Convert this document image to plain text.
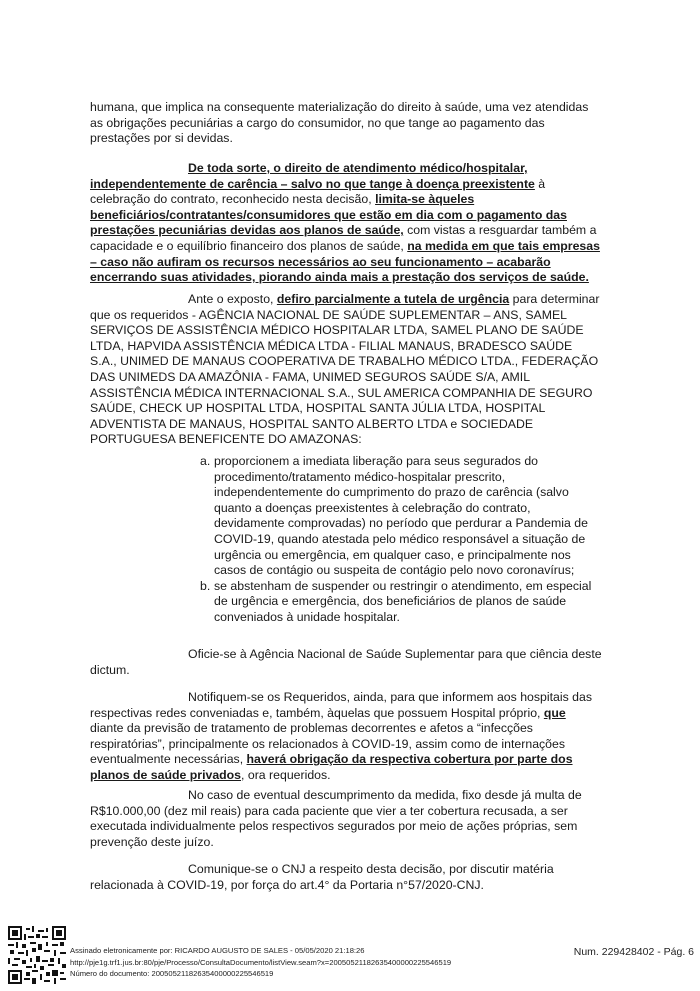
humana, que implica na consequente materialização do direito à saúde, uma vez atendidas as obrigações pecuniárias a cargo do consumidor, no que tange ao pagamento das prestações por si devidas.

De toda sorte, o direito de atendimento médico/hospitalar, independentemente de carência – salvo no que tange à doença preexistente à celebração do contrato, reconhecido nesta decisão, limita-se àqueles beneficiários/contratantes/consumidores que estão em dia com o pagamento das prestações pecuniárias devidas aos planos de saúde, com vistas a resguardar também a capacidade e o equilíbrio financeiro dos planos de saúde, na medida em que tais empresas – caso não aufiram os recursos necessários ao seu funcionamento – acabarão encerrando suas atividades, piorando ainda mais a prestação dos serviços de saúde.

Ante o exposto, defiro parcialmente a tutela de urgência para determinar que os requeridos - AGÊNCIA NACIONAL DE SAÚDE SUPLEMENTAR – ANS, SAMEL SERVIÇOS DE ASSISTÊNCIA MÉDICO HOSPITALAR LTDA, SAMEL PLANO DE SAÚDE LTDA, HAPVIDA ASSISTÊNCIA MÉDICA LTDA - FILIAL MANAUS, BRADESCO SAÚDE S.A., UNIMED DE MANAUS COOPERATIVA DE TRABALHO MÉDICO LTDA., FEDERAÇÃO DAS UNIMEDS DA AMAZÔNIA - FAMA, UNIMED SEGUROS SAÚDE S/A, AMIL ASSISTÊNCIA MÉDICA INTERNACIONAL S.A., SUL AMERICA COMPANHIA DE SEGURO SAÚDE, CHECK UP HOSPITAL LTDA, HOSPITAL SANTA JÚLIA LTDA, HOSPITAL ADVENTISTA DE MANAUS, HOSPITAL SANTO ALBERTO LTDA e SOCIEDADE PORTUGUESA BENEFICENTE DO AMAZONAS:

a. proporcionem a imediata liberação para seus segurados do procedimento/tratamento médico-hospitalar prescrito, independentemente do cumprimento do prazo de carência (salvo quanto a doenças preexistentes à celebração do contrato, devidamente comprovadas) no período que perdurar a Pandemia de COVID-19, quando atestada pelo médico responsável a situação de urgência ou emergência, em qualquer caso, e principalmente nos casos de contágio ou suspeita de contágio pelo novo coronavírus;
b. se abstenham de suspender ou restringir o atendimento, em especial de urgência e emergência, dos beneficiários de planos de saúde conveniados à unidade hospitalar.

Oficie-se à Agência Nacional de Saúde Suplementar para que ciência deste dictum.

Notifiquem-se os Requeridos, ainda, para que informem aos hospitais das respectivas redes conveniadas e, também, àquelas que possuem Hospital próprio, que diante da previsão de tratamento de problemas decorrentes e afetos a “infecções respiratórias”, principalmente os relacionados à COVID-19, assim como de internações eventualmente necessárias, haverá obrigação da respectiva cobertura por parte dos planos de saúde privados, ora requeridos.

No caso de eventual descumprimento da medida, fixo desde já multa de R$10.000,00 (dez mil reais) para cada paciente que vier a ter cobertura recusada, a ser executada individualmente pelos respectivos segurados por meio de ações próprias, sem prevenção deste juízo.

Comunique-se o CNJ a respeito desta decisão, por discutir matéria relacionada à COVID-19, por força do art.4° da Portaria n°57/2020-CNJ.

Assinado eletronicamente por: RICARDO AUGUSTO DE SALES - 05/05/2020 21:18:26
http://pje1g.trf1.jus.br:80/pje/Processo/ConsultaDocumento/listView.seam?x=20050521182635400000225546519
Número do documento: 20050521182635400000225546519
Num. 229428402 - Pág. 6
